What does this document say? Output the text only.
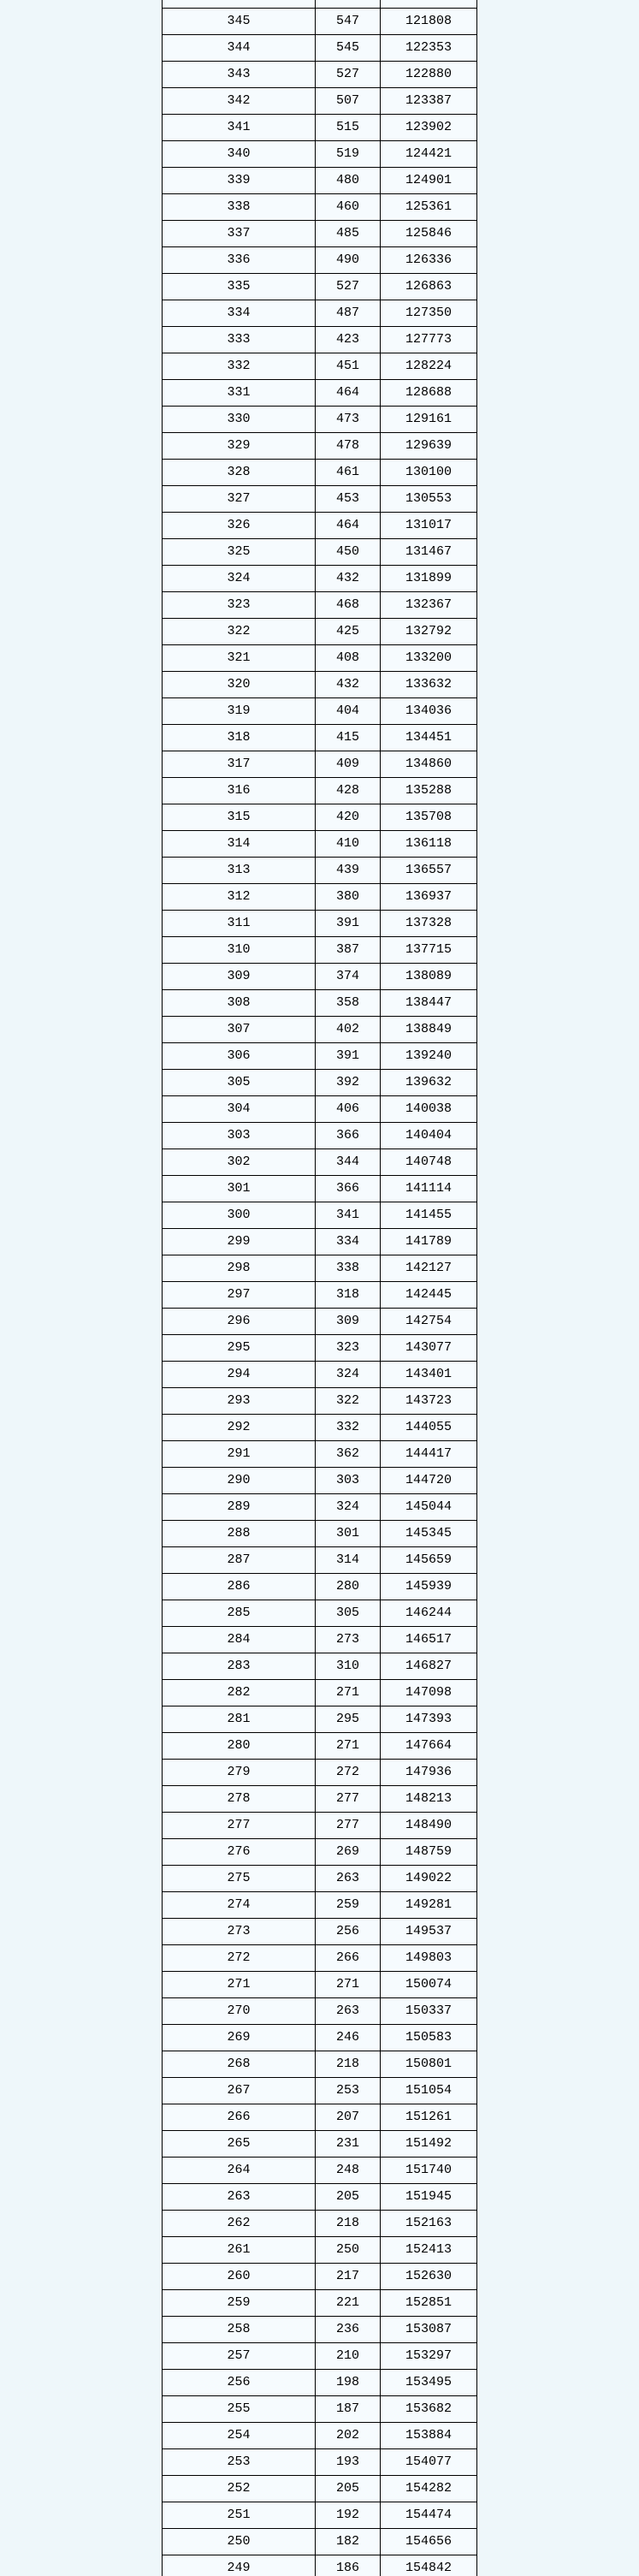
345	547	121808
344	545	122353
343	527	122880
342	507	123387
341	515	123902
340	519	124421
339	480	124901
338	460	125361
337	485	125846
336	490	126336
335	527	126863
334	487	127350
333	423	127773
332	451	128224
331	464	128688
330	473	129161
329	478	129639
328	461	130100
327	453	130553
326	464	131017
325	450	131467
324	432	131899
323	468	132367
322	425	132792
321	408	133200
320	432	133632
319	404	134036
318	415	134451
317	409	134860
316	428	135288
315	420	135708
314	410	136118
313	439	136557
312	380	136937
311	391	137328
310	387	137715
309	374	138089
308	358	138447
307	402	138849
306	391	139240
305	392	139632
304	406	140038
303	366	140404
302	344	140748
301	366	141114
300	341	141455
299	334	141789
298	338	142127
297	318	142445
296	309	142754
295	323	143077
294	324	143401
293	322	143723
292	332	144055
291	362	144417
290	303	144720
289	324	145044
288	301	145345
287	314	145659
286	280	145939
285	305	146244
284	273	146517
283	310	146827
282	271	147098
281	295	147393
280	271	147664
279	272	147936
278	277	148213
277	277	148490
276	269	148759
275	263	149022
274	259	149281
273	256	149537
272	266	149803
271	271	150074
270	263	150337
269	246	150583
268	218	150801
267	253	151054
266	207	151261
265	231	151492
264	248	151740
263	205	151945
262	218	152163
261	250	152413
260	217	152630
259	221	152851
258	236	153087
257	210	153297
256	198	153495
255	187	153682
254	202	153884
253	193	154077
252	205	154282
251	192	154474
250	182	154656
249	186	154842
